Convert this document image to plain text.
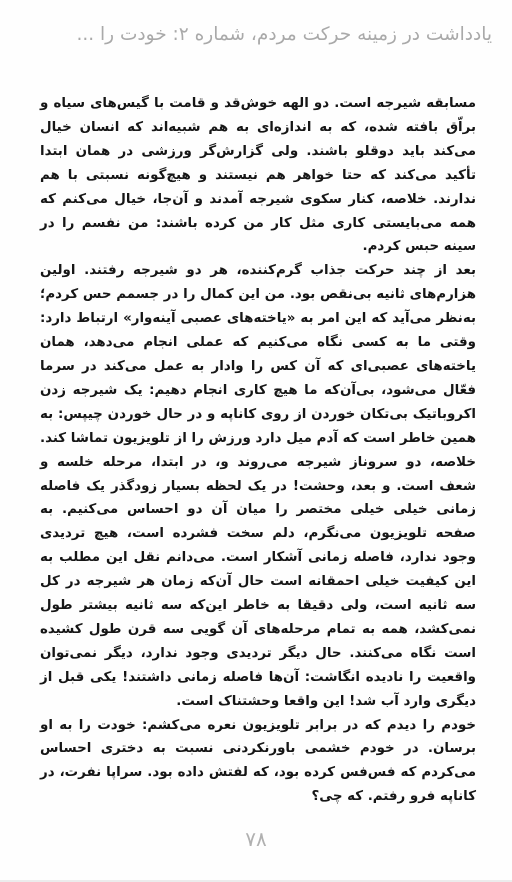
یادداشت در زمینه حرکت مردم، شماره ۲: خودت را ...

مسابقه شیرجه است. دو الهه خوش‌قد و قامت با گیس‌های سیاه و براّق بافته شده، که به اندازه‌ای به هم شبیه‌اند که انسان خیال می‌کند باید دوقلو باشند. ولی گزارش‌گر ورزشی در همان ابتدا تأکید می‌کند که حتا خواهر هم نیستند و هیچ‌گونه نسبتی با هم ندارند. خلاصه، کنار سکوی شیرجه آمدند و آن‌جا، خیال می‌کنم که همه می‌بایستی کاری مثل کار من کرده باشند: من نفسم را در سینه حبس کردم.

بعد از چند حرکت جذاب گرم‌کننده، هر دو شیرجه رفتند. اولین هزارم‌های ثانیه بی‌نقص بود. من این کمال را در جسمم حس کردم؛ به‌نظر می‌آید که این امر به «یاخته‌های عصبی آینه‌وار» ارتباط دارد: وقتی ما به کسی نگاه می‌کنیم که عملی انجام می‌دهد، همان یاخته‌های عصبی‌ای که آن کس را وادار به عمل می‌کند در سرما فعّال می‌شود، بی‌آن‌که ما هیچ کاری انجام دهیم: یک شیرجه زدن اکروباتیک بی‌تکان خوردن از روی کاناپه و در حال خوردن چیپس: به همین خاطر است که آدم میل دارد ورزش را از تلویزیون تماشا کند. خلاصه، دو سروناز شیرجه می‌روند و، در ابتدا، مرحله خلسه و شعف است. و بعد، وحشت! در یک لحظه بسیار زودگذر یک فاصله زمانی خیلی خیلی مختصر را میان آن دو احساس می‌کنیم. به صفحه تلویزیون می‌نگرم، دلم سخت فشرده است، هیچ تردیدی وجود ندارد، فاصله زمانی آشکار است. می‌دانم نقل این مطلب به این کیفیت خیلی احمقانه است حال آن‌که زمان هر شیرجه در کل سه ثانیه است، ولی دقیقا به خاطر این‌که سه ثانیه بیشتر طول نمی‌کشد، همه به تمام مرحله‌های آن گویی سه قرن طول کشیده است نگاه می‌کنند. حال دیگر تردیدی وجود ندارد، دیگر نمی‌توان واقعیت را نادیده انگاشت: آن‌ها فاصله زمانی داشتند! یکی قبل از دیگری وارد آب شد! این واقعا وحشتناک است.

خودم را دیدم که در برابر تلویزیون نعره می‌کشم: خودت را به او برسان. در خودم خشمی باورنکردنی نسبت به دختری احساس می‌کردم که فس‌فس کرده بود، که لفتش داده بود. سراپا نفرت، در کاناپه فرو رفتم. که چی؟

۷۸
